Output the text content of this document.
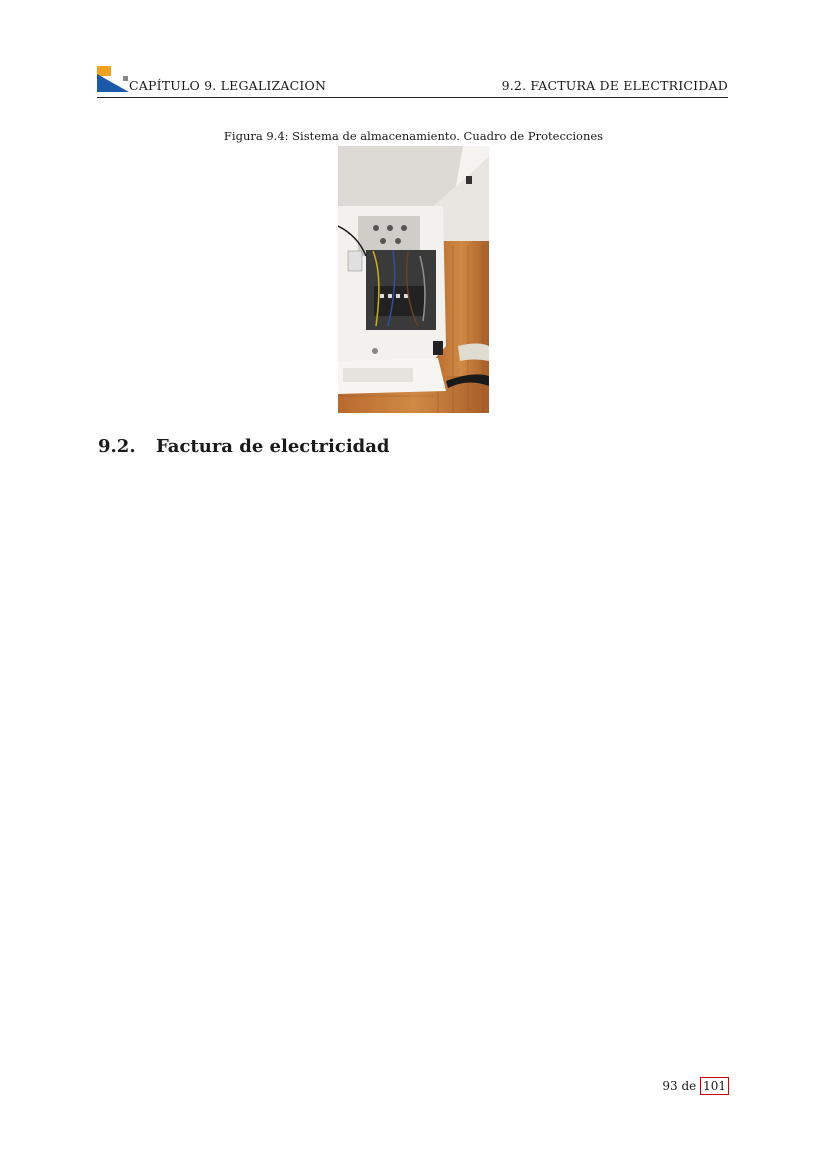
CAPÍTULO 9. LEGALIZACION	9.2. FACTURA DE ELECTRICIDAD
Figura 9.4: Sistema de almacenamiento. Cuadro de Protecciones
9.2. Factura de electricidad
93 de 101
